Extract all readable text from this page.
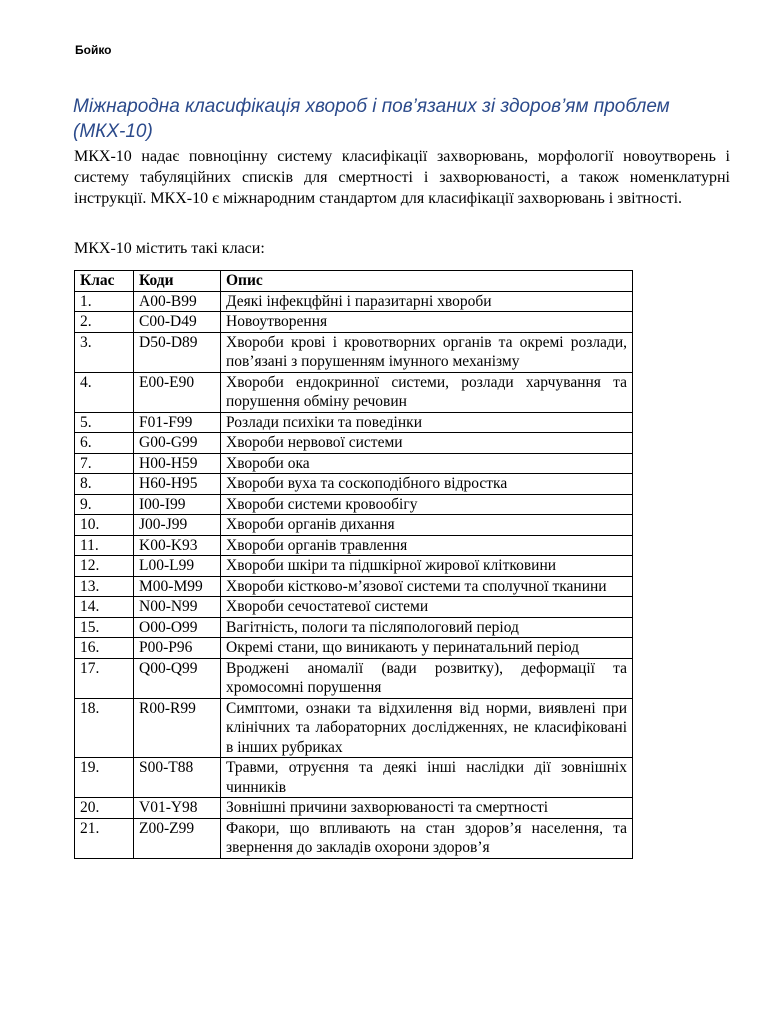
Бойко
Міжнародна класифікація хвороб і пов’язаних зі здоров’ям проблем (МКХ-10)

МКХ-10 надає повноцінну систему класифікації захворювань, морфології новоутворень і систему табуляційних списків для смертності і захворюваності, а також номенклатурні інструкції. МКХ-10 є міжнародним стандартом для класифікації захворювань і звітності.

МКХ-10 містить такі класи:

Клас	Коди	Опис
1.	A00-B99	Деякі інфекцфйні і паразитарні хвороби
2.	C00-D49	Новоутворення
3.	D50-D89	Хвороби крові і кровотворних органів та окремі розлади, пов’язані з порушенням імунного механізму
4.	E00-E90	Хвороби ендокринної системи, розлади харчування та порушення обміну речовин
5.	F01-F99	Розлади психіки та поведінки
6.	G00-G99	Хвороби нервової системи
7.	H00-H59	Хвороби ока
8.	H60-H95	Хвороби вуха та соскоподібного відростка
9.	I00-I99	Хвороби системи кровообігу
10.	J00-J99	Хвороби органів дихання
11.	K00-K93	Хвороби органів травлення
12.	L00-L99	Хвороби шкіри та підшкірної жирової клітковини
13.	M00-M99	Хвороби кістково-м’язової системи та сполучної тканини
14.	N00-N99	Хвороби сечостатевої системи
15.	O00-O99	Вагітність, пологи та післяпологовий період
16.	P00-P96	Окремі стани, що виникають у перинатальний період
17.	Q00-Q99	Вроджені аномалії (вади розвитку), деформації та хромосомні порушення
18.	R00-R99	Симптоми, ознаки та відхилення від норми, виявлені при клінічних та лабораторних дослідженнях, не класифіковані в інших рубриках
19.	S00-T88	Травми, отруєння та деякі інші наслідки дії зовнішніх чинників
20.	V01-Y98	Зовнішні причини захворюваності та смертності
21.	Z00-Z99	Факори, що впливають на стан здоров’я населення, та звернення до закладів охорони здоров’я
